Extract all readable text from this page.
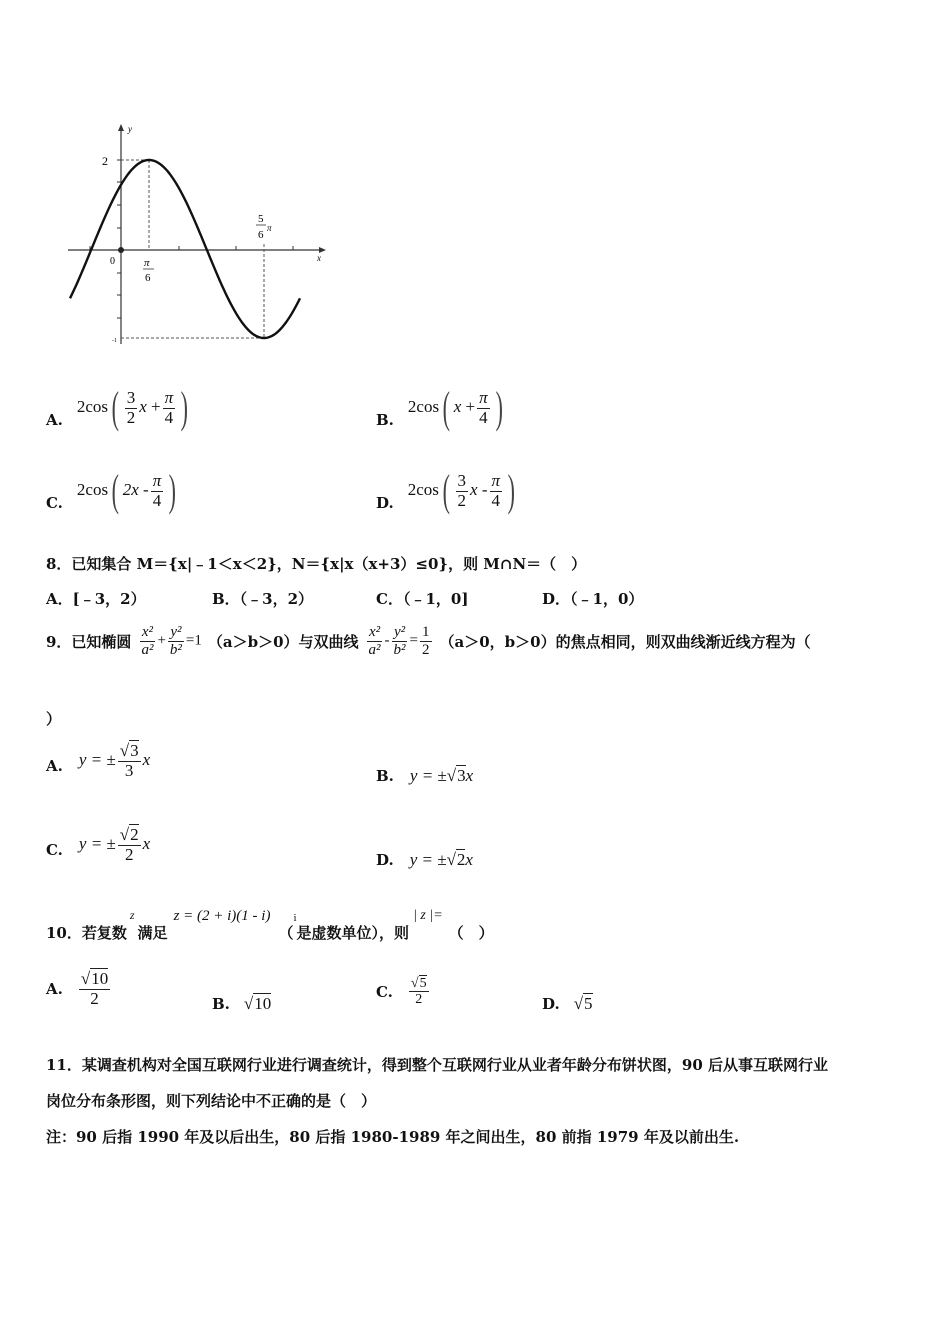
y
x
0
2
-1
π
6
5
6
π
A.
$2\cos( \frac{3}{2}$ $x + \frac{\pi}{4}$ )	B.
2cos( $x + \frac{\pi}{4}$ )
C.
2cos( $2x - \frac{\pi}{4}$ )	D.
$2\cos( \frac{3}{2}$ x - $\frac{\pi}{4}$ )
8．已知集合 M＝{x|﹣1＜x＜2}，N＝{x|x（x+3）≤0}，则 M∩N＝（　）
A．[﹣3，2）	B．（﹣3，2）	C．（﹣1，0]	D．（﹣1，0）
9．已知椭圆 $\frac{\text{x²}}{\text{a²}} + \frac{\text{y²}}{\text{b²}} =1$ （a＞b＞0）与双曲线 $\frac{\text{x²}}{\text{a²}} - \frac{\text{y²}}{\text{b²}} = \frac{1}{2} (a>0$，b＞0）的焦点相同，则双曲线渐近线方程为（
）
A. y = ± $\frac{√3}{3}$ x
B. y = ±√3x
C. y = ± $\frac{√2}{2}$ x
D. y = ±√2x
10．若复数
z
满足
z = (2 + i)(1 - i)
（
i
是虚数单位），则
| z |=
（　）
A. $\frac{√10}{2}$	B. √10
C. $\frac{√5}{2}$	D. √5
11．某调查机构对全国互联网行业进行调查统计，得到整个互联网行业从业者年龄分布饼状图，90 后从事互联网行业
岗位分布条形图，则下列结论中不正确的是（　）
注：90 后指 1990 年及以后出生，80 后指 1980-1989 年之间出生，80 前指 1979 年及以前出生.
